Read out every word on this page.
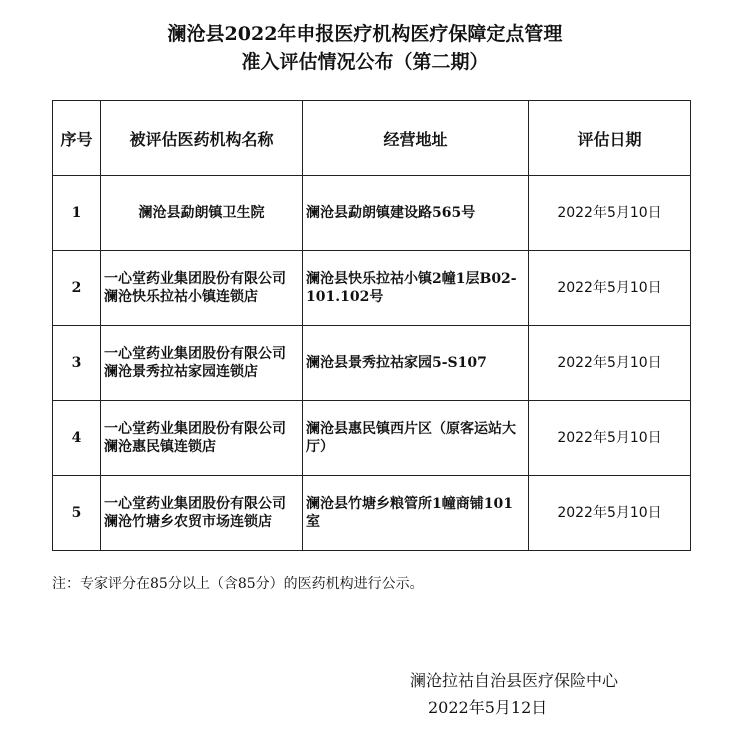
澜沧县2022年申报医疗机构医疗保障定点管理
准入评估情况公布（第二期）
序号	被评估医药机构名称	经营地址	评估日期
1	澜沧县勐朗镇卫生院	澜沧县勐朗镇建设路565号	2022年5月10日
2	一心堂药业集团股份有限公司澜沧快乐拉祜小镇连锁店	澜沧县快乐拉祜小镇2幢1层B02-101.102号	2022年5月10日
3	一心堂药业集团股份有限公司澜沧景秀拉祜家园连锁店	澜沧县景秀拉祜家园5-S107	2022年5月10日
4	一心堂药业集团股份有限公司澜沧惠民镇连锁店	澜沧县惠民镇西片区（原客运站大厅）	2022年5月10日
5	一心堂药业集团股份有限公司澜沧竹塘乡农贸市场连锁店	澜沧县竹塘乡粮管所1幢商铺101室	2022年5月10日
注：专家评分在85分以上（含85分）的医药机构进行公示。
澜沧拉祜自治县医疗保险中心
2022年5月12日
